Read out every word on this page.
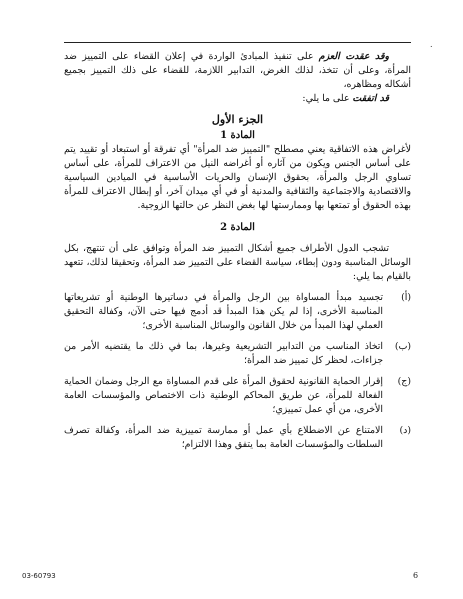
.

وقد عقدت العزم على تنفيذ المبادئ الواردة في إعلان القضاء على التمييز ضد المرأة، وعلى أن تتخذ، لذلك الغرض، التدابير اللازمة، للقضاء على ذلك التمييز بجميع أشكاله ومظاهره،

قد اتفقت على ما يلي:

الجزء الأول
المادة 1

لأغراض هذه الاتفاقية يعني مصطلح "التمييز ضد المرأة" أي تفرقة أو استبعاد أو تقييد يتم على أساس الجنس ويكون من آثاره أو أغراضه النيل من الاعتراف للمرأة، على أساس تساوي الرجل والمرأة، بحقوق الإنسان والحريات الأساسية في الميادين السياسية والاقتصادية والاجتماعية والثقافية والمدنية أو في أي ميدان آخر، أو إبطال الاعتراف للمرأة بهذه الحقوق أو تمتعها بها وممارستها لها بغض النظر عن حالتها الزوجية.

المادة 2

تشجب الدول الأطراف جميع أشكال التمييز ضد المرأة وتوافق على أن تنتهج، بكل الوسائل المناسبة ودون إبطاء، سياسة القضاء على التمييز ضد المرأة، وتحقيقا لذلك، تتعهد بالقيام بما يلي:

(أ)
تجسيد مبدأ المساواة بين الرجل والمرأة في دساتيرها الوطنية أو تشريعاتها المناسبة الأخرى، إذا لم يكن هذا المبدأ قد أدمج فيها حتى الآن، وكفالة التحقيق العملي لهذا المبدأ من خلال القانون والوسائل المناسبة الأخرى؛
(ب)
اتخاذ المناسب من التدابير التشريعية وغيرها، بما في ذلك ما يقتضيه الأمر من جزاءات، لحظر كل تمييز ضد المرأة؛
(ج)
إقرار الحماية القانونية لحقوق المرأة على قدم المساواة مع الرجل وضمان الحماية الفعالة للمرأة، عن طريق المحاكم الوطنية ذات الاختصاص والمؤسسات العامة الأخرى، من أي عمل تمييزي؛
(د)
الامتناع عن الاضطلاع بأي عمل أو ممارسة تمييزية ضد المرأة، وكفالة تصرف السلطات والمؤسسات العامة بما يتفق وهذا الالتزام؛
03-60793	6
